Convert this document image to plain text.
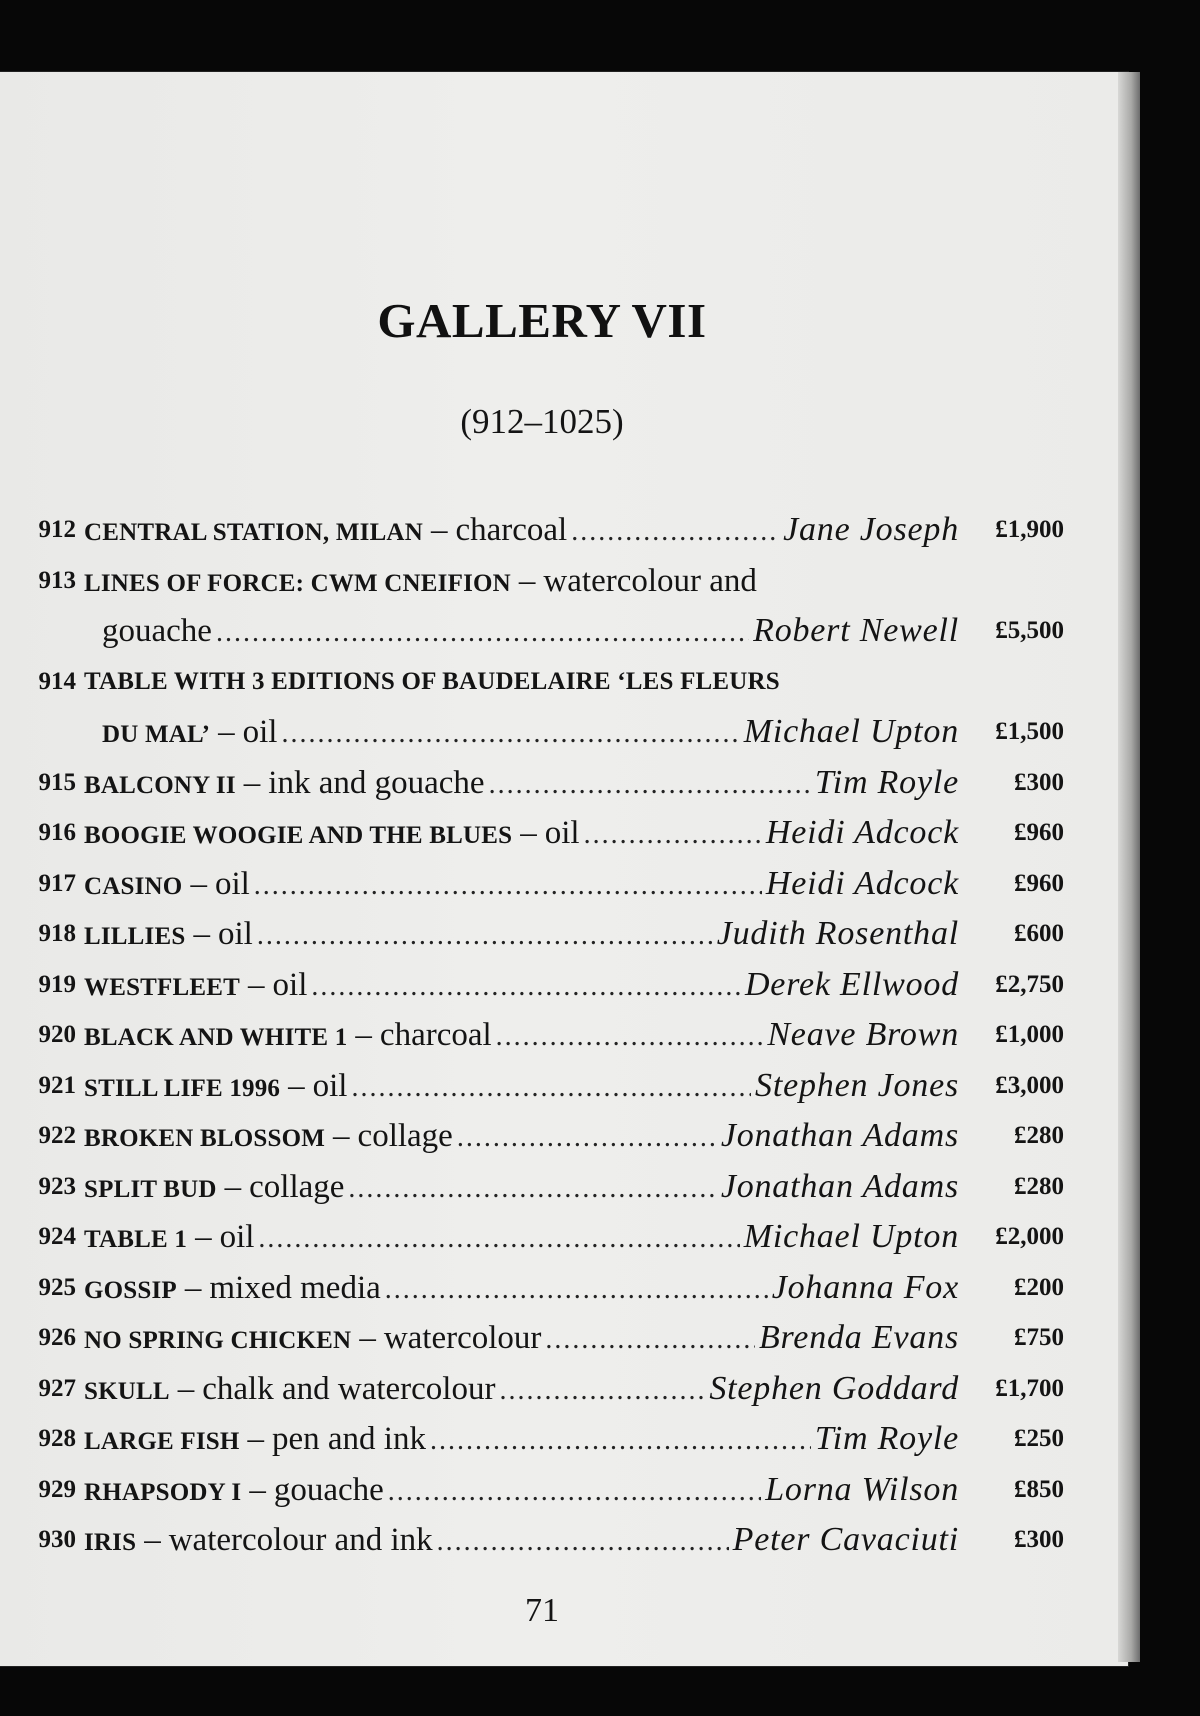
GALLERY VII
(912–1025)
912 CENTRAL STATION, MILAN – charcoal .....	Jane Joseph	£1,900
913 LINES OF FORCE: CWM CNEIFION – watercolour and
gouache .....	Robert Newell	£5,500
914 TABLE WITH 3 EDITIONS OF BAUDELAIRE ‘LES FLEURS
DU MAL’ – oil .....	Michael Upton	£1,500
915 BALCONY II – ink and gouache .....	Tim Royle	£300
916 BOOGIE WOOGIE AND THE BLUES – oil .....	Heidi Adcock	£960
917 CASINO – oil .....	Heidi Adcock	£960
918 LILLIES – oil .....	Judith Rosenthal	£600
919 WESTFLEET – oil .....	Derek Ellwood	£2,750
920 BLACK AND WHITE 1 – charcoal .....	Neave Brown	£1,000
921 STILL LIFE 1996 – oil .....	Stephen Jones	£3,000
922 BROKEN BLOSSOM – collage .....	Jonathan Adams	£280
923 SPLIT BUD – collage .....	Jonathan Adams	£280
924 TABLE 1 – oil .....	Michael Upton	£2,000
925 GOSSIP – mixed media .....	Johanna Fox	£200
926 NO SPRING CHICKEN – watercolour .....	Brenda Evans	£750
927 SKULL – chalk and watercolour .....	Stephen Goddard	£1,700
928 LARGE FISH – pen and ink .....	Tim Royle	£250
929 RHAPSODY I – gouache .....	Lorna Wilson	£850
930 IRIS – watercolour and ink .....	Peter Cavaciuti	£300
71
